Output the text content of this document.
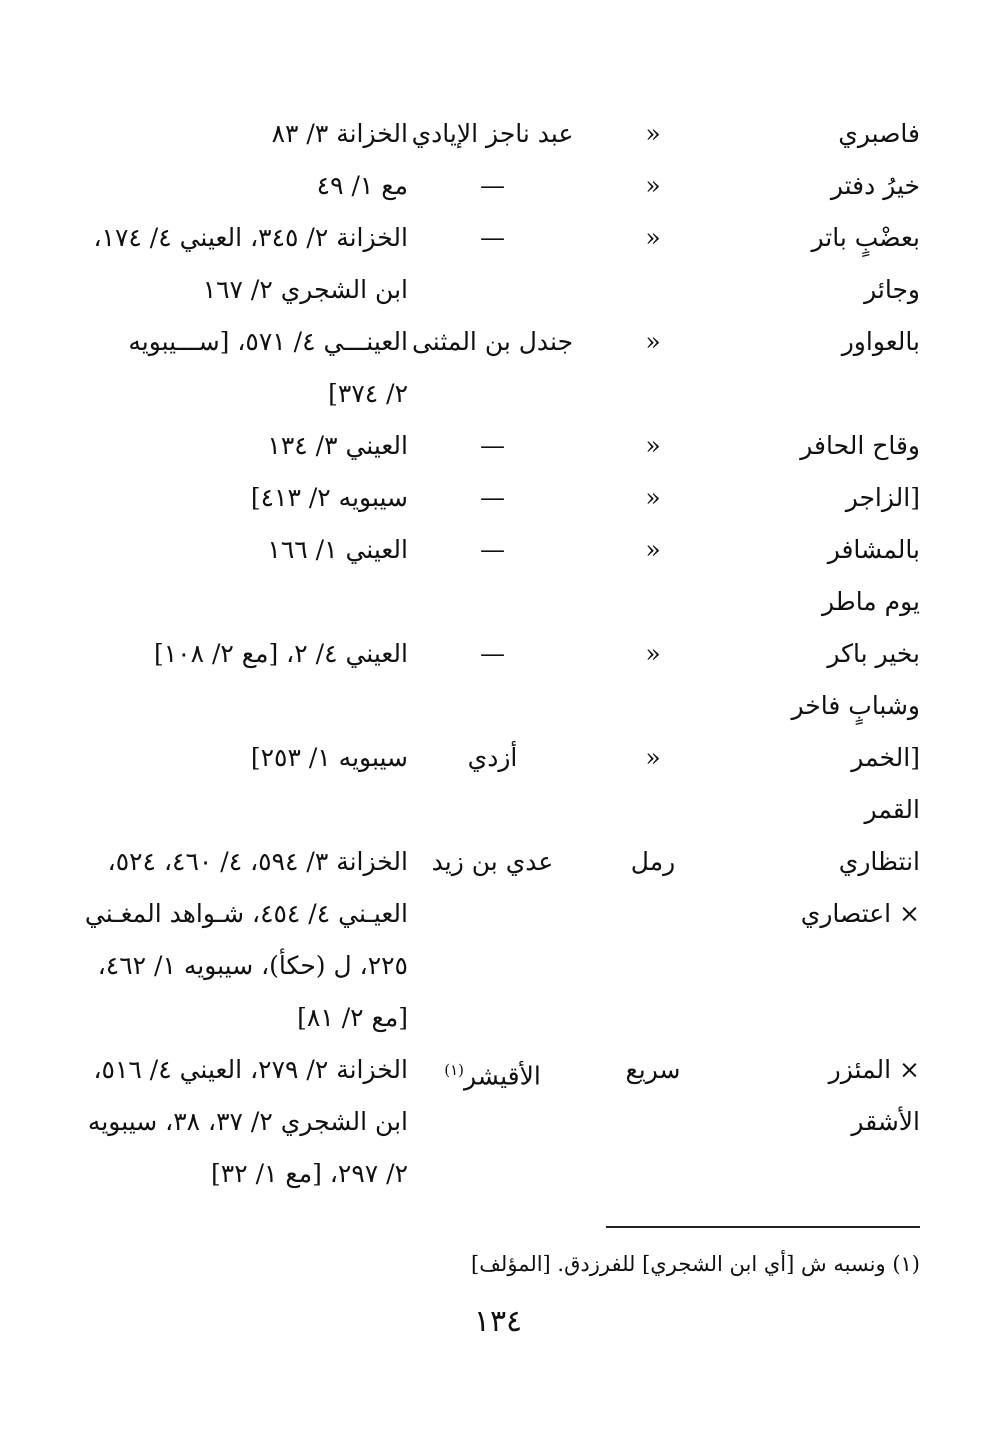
فاصبري
«
عبد ناجز الإيادي
الخزانة ٣/ ٨٣
خيرُ دفتر
«
—
مع ١/ ٤٩
بعضْبٍ باتر
«
—
الخزانة ٢/ ٣٤٥، العيني ٤/ ١٧٤،
وجائر
ابن الشجري ٢/ ١٦٧
بالعواور
«
جندل بن المثنى
العينـــي ٤/ ٥٧١، [ســـيبويه
٢/ ٣٧٤]
وقاح الحافر
«
—
العيني ٣/ ١٣٤
[الزاجر
«
—
سيبويه ٢/ ٤١٣]
بالمشافر
«
—
العيني ١/ ١٦٦
يوم ماطر
بخير باكر
«
—
العيني ٤/ ٢، [مع ٢/ ١٠٨]
وشبابٍ فاخر
[الخمر
«
أزدي
سيبويه ١/ ٢٥٣]
القمر
انتظاري
رمل
عدي بن زيد
الخزانة ٣/ ٥٩٤، ٤/ ٤٦٠، ٥٢٤،
× اعتصاري
العيـني ٤/ ٤٥٤، شـواهد المغـني
٢٢٥، ل (حكأ)، سيبويه ١/ ٤٦٢،
[مع ٢/ ٨١]
× المئزر
سريع
الأقيشر$^{(١)}$
الخزانة ٢/ ٢٧٩، العيني ٤/ ٥١٦،
الأشقر
ابن الشجري ٢/ ٣٧، ٣٨، سيبويه
٢/ ٢٩٧، [مع ١/ ٣٢]
(١) ونسبه ش [أي ابن الشجري] للفرزدق. [المؤلف]
١٣٤
